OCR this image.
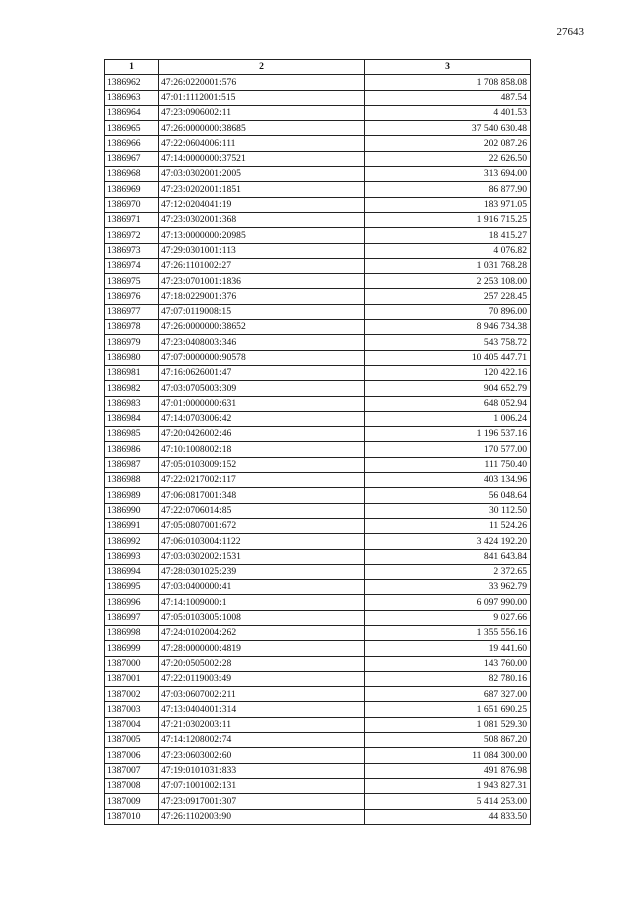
27643
1	2	3
1386962	47:26:0220001:576	1 708 858.08
1386963	47:01:1112001:515	487.54
1386964	47:23:0906002:11	4 401.53
1386965	47:26:0000000:38685	37 540 630.48
1386966	47:22:0604006:111	202 087.26
1386967	47:14:0000000:37521	22 626.50
1386968	47:03:0302001:2005	313 694.00
1386969	47:23:0202001:1851	86 877.90
1386970	47:12:0204041:19	183 971.05
1386971	47:23:0302001:368	1 916 715.25
1386972	47:13:0000000:20985	18 415.27
1386973	47:29:0301001:113	4 076.82
1386974	47:26:1101002:27	1 031 768.28
1386975	47:23:0701001:1836	2 253 108.00
1386976	47:18:0229001:376	257 228.45
1386977	47:07:0119008:15	70 896.00
1386978	47:26:0000000:38652	8 946 734.38
1386979	47:23:0408003:346	543 758.72
1386980	47:07:0000000:90578	10 405 447.71
1386981	47:16:0626001:47	120 422.16
1386982	47:03:0705003:309	904 652.79
1386983	47:01:0000000:631	648 052.94
1386984	47:14:0703006:42	1 006.24
1386985	47:20:0426002:46	1 196 537.16
1386986	47:10:1008002:18	170 577.00
1386987	47:05:0103009:152	111 750.40
1386988	47:22:0217002:117	403 134.96
1386989	47:06:0817001:348	56 048.64
1386990	47:22:0706014:85	30 112.50
1386991	47:05:0807001:672	11 524.26
1386992	47:06:0103004:1122	3 424 192.20
1386993	47:03:0302002:1531	841 643.84
1386994	47:28:0301025:239	2 372.65
1386995	47:03:0400000:41	33 962.79
1386996	47:14:1009000:1	6 097 990.00
1386997	47:05:0103005:1008	9 027.66
1386998	47:24:0102004:262	1 355 556.16
1386999	47:28:0000000:4819	19 441.60
1387000	47:20:0505002:28	143 760.00
1387001	47:22:0119003:49	82 780.16
1387002	47:03:0607002:211	687 327.00
1387003	47:13:0404001:314	1 651 690.25
1387004	47:21:0302003:11	1 081 529.30
1387005	47:14:1208002:74	508 867.20
1387006	47:23:0603002:60	11 084 300.00
1387007	47:19:0101031:833	491 876.98
1387008	47:07:1001002:131	1 943 827.31
1387009	47:23:0917001:307	5 414 253.00
1387010	47:26:1102003:90	44 833.50
